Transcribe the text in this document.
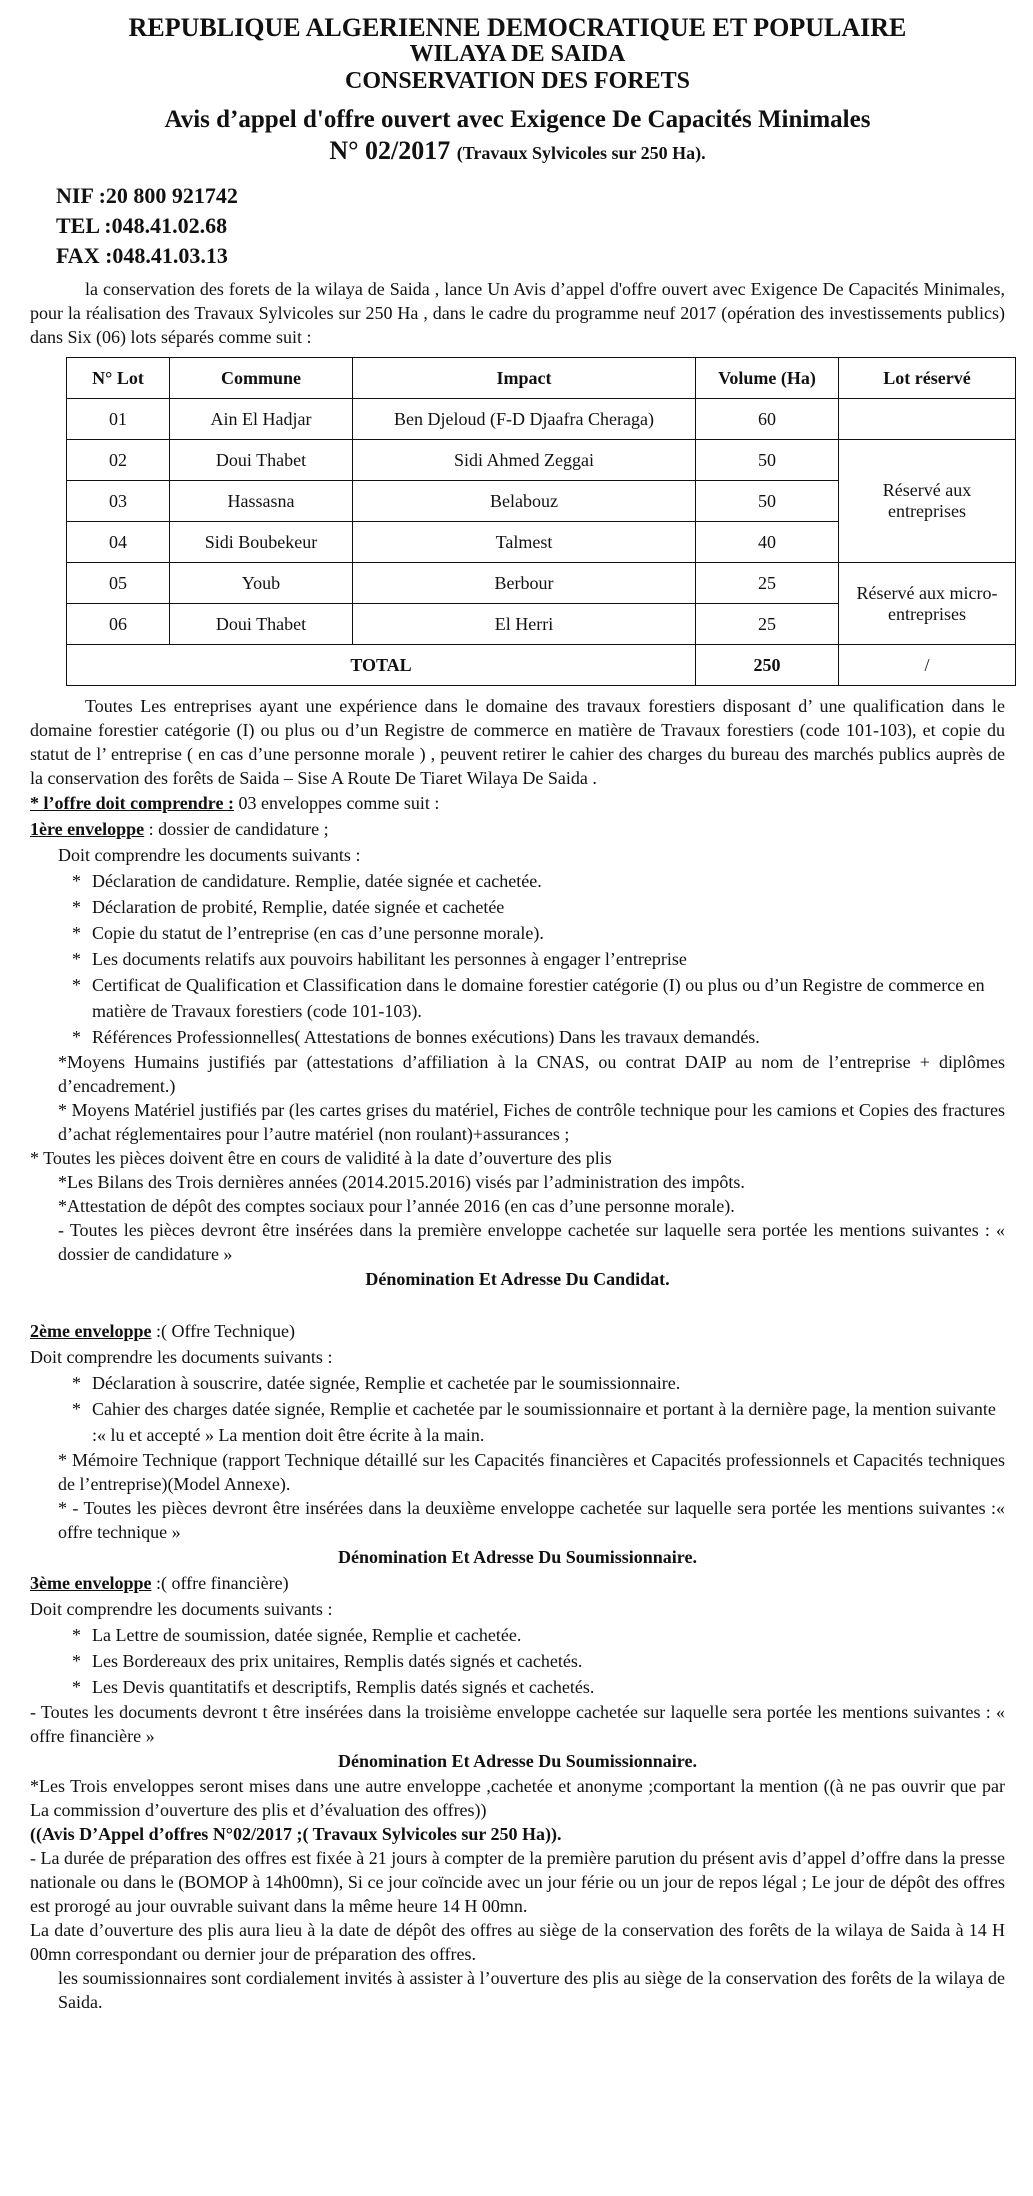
REPUBLIQUE ALGERIENNE DEMOCRATIQUE ET POPULAIRE
WILAYA DE SAIDA
CONSERVATION DES FORETS
Avis d’appel d'offre ouvert avec Exigence De Capacités Minimales
N° 02/2017 (Travaux Sylvicoles sur 250 Ha).
NIF :20 800 921742
TEL :048.41.02.68
FAX :048.41.03.13

la conservation des forets de la wilaya de Saida , lance Un Avis d’appel d'offre ouvert avec Exigence De Capacités Minimales, pour la réalisation des Travaux Sylvicoles sur 250 Ha , dans le cadre du programme neuf 2017 (opération des investissements publics) dans Six (06) lots séparés comme suit :

N° Lot	Commune	Impact	Volume (Ha)	Lot réservé
01	Ain El Hadjar	Ben Djeloud (F-D Djaafra Cheraga)	60	
02	Doui Thabet	Sidi Ahmed Zeggai	50	Réservé aux entreprises
03	Hassasna	Belabouz	50	
04	Sidi Boubekeur	Talmest	40	
05	Youb	Berbour	25	Réservé aux micro-entreprises
06	Doui Thabet	El Herri	25	
TOTAL			250	/

Toutes Les entreprises ayant une expérience dans le domaine des travaux forestiers disposant d’ une qualification dans le domaine forestier catégorie (I) ou plus ou d’un Registre de commerce en matière de Travaux forestiers (code 101-103), et copie du statut de l’ entreprise ( en cas d’une personne morale ) , peuvent retirer le cahier des charges du bureau des marchés publics auprès de la conservation des forêts de Saida – Sise A Route De Tiaret Wilaya De Saida .

* l’offre doit comprendre : 03 enveloppes comme suit :
1ère enveloppe : dossier de candidature ;
Doit comprendre les documents suivants :
* Déclaration de candidature. Remplie, datée signée et cachetée.
* Déclaration de probité, Remplie, datée signée et cachetée
* Copie du statut de l’entreprise (en cas d’une personne morale).
* Les documents relatifs aux pouvoirs habilitant les personnes à engager l’entreprise
* Certificat de Qualification et Classification dans le domaine forestier catégorie (I) ou plus ou d’un Registre de commerce en matière de Travaux forestiers (code 101-103).
* Références Professionnelles( Attestations de bonnes exécutions) Dans les travaux demandés.

*Moyens Humains justifiés par (attestations d’affiliation à la CNAS, ou contrat DAIP au nom de l’entreprise + diplômes d’encadrement.)

* Moyens Matériel justifiés par (les cartes grises du matériel, Fiches de contrôle technique pour les camions et Copies des fractures d’achat réglementaires pour l’autre matériel (non roulant)+assurances ;

* Toutes les pièces doivent être en cours de validité à la date d’ouverture des plis

*Les Bilans des Trois dernières années (2014.2015.2016) visés par l’administration des impôts.

*Attestation de dépôt des comptes sociaux pour l’année 2016 (en cas d’une personne morale).

- Toutes les pièces devront être insérées dans la première enveloppe cachetée sur laquelle sera portée les mentions suivantes : « dossier de candidature »

Dénomination Et Adresse Du Candidat.
2ème enveloppe :( Offre Technique)
Doit comprendre les documents suivants :
* Déclaration à souscrire, datée signée, Remplie et cachetée par le soumissionnaire.
* Cahier des charges datée signée, Remplie et cachetée par le soumissionnaire et portant à la dernière page, la mention suivante :« lu et accepté » La mention doit être écrite à la main.

* Mémoire Technique (rapport Technique détaillé sur les Capacités financières et Capacités professionnels et Capacités techniques de l’entreprise)(Model Annexe).

* - Toutes les pièces devront être insérées dans la deuxième enveloppe cachetée sur laquelle sera portée les mentions suivantes :« offre technique »

Dénomination Et Adresse Du Soumissionnaire.
3ème enveloppe :( offre financière)
Doit comprendre les documents suivants :
* La Lettre de soumission, datée signée, Remplie et cachetée.
* Les Bordereaux des prix unitaires, Remplis datés signés et cachetés.
* Les Devis quantitatifs et descriptifs, Remplis datés signés et cachetés.

- Toutes les documents devront t être insérées dans la troisième enveloppe cachetée sur laquelle sera portée les mentions suivantes : « offre financière »

Dénomination Et Adresse Du Soumissionnaire.

*Les Trois enveloppes seront mises dans une autre enveloppe ,cachetée et anonyme ;comportant la mention ((à ne pas ouvrir que par La commission d’ouverture des plis et d’évaluation des offres))

((Avis D’Appel d’offres N°02/2017 ;( Travaux Sylvicoles sur 250 Ha)).

- La durée de préparation des offres est fixée à 21 jours à compter de la première parution du présent avis d’appel d’offre dans la presse nationale ou dans le (BOMOP à 14h00mn), Si ce jour coïncide avec un jour férie ou un jour de repos légal ; Le jour de dépôt des offres est prorogé au jour ouvrable suivant dans la même heure 14 H 00mn.

La date d’ouverture des plis aura lieu à la date de dépôt des offres au siège de la conservation des forêts de la wilaya de Saida à 14 H 00mn correspondant ou dernier jour de préparation des offres.

les soumissionnaires sont cordialement invités à assister à l’ouverture des plis au siège de la conservation des forêts de la wilaya de Saida.
